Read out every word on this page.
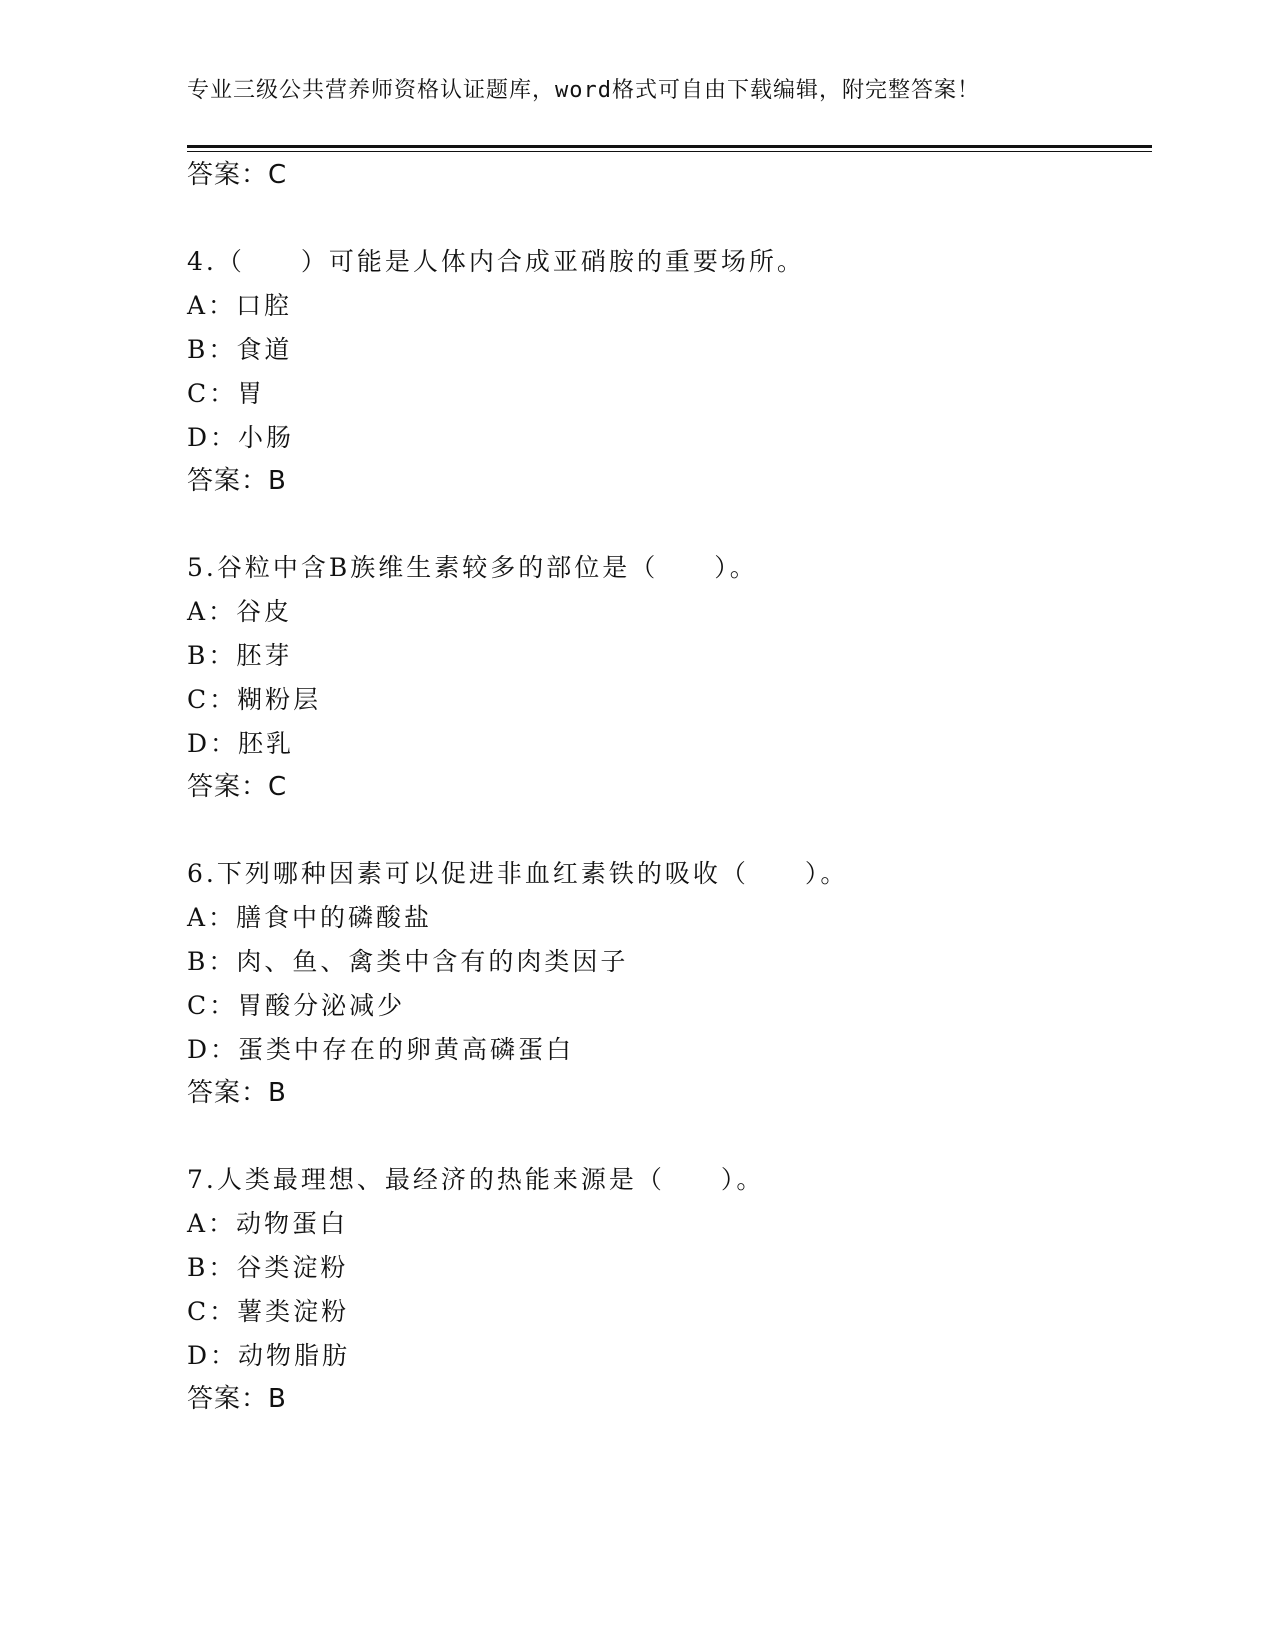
专业三级公共营养师资格认证题库，word格式可自由下载编辑，附完整答案！
答案：C
4.（　　）可能是人体内合成亚硝胺的重要场所。
A：口腔
B：食道
C：胃
D：小肠
答案：B
5.谷粒中含B族维生素较多的部位是（　　）。
A：谷皮
B：胚芽
C：糊粉层
D：胚乳
答案：C
6.下列哪种因素可以促进非血红素铁的吸收（　　）。
A：膳食中的磷酸盐
B：肉、鱼、禽类中含有的肉类因子
C：胃酸分泌减少
D：蛋类中存在的卵黄高磷蛋白
答案：B
7.人类最理想、最经济的热能来源是（　　）。
A：动物蛋白
B：谷类淀粉
C：薯类淀粉
D：动物脂肪
答案：B
